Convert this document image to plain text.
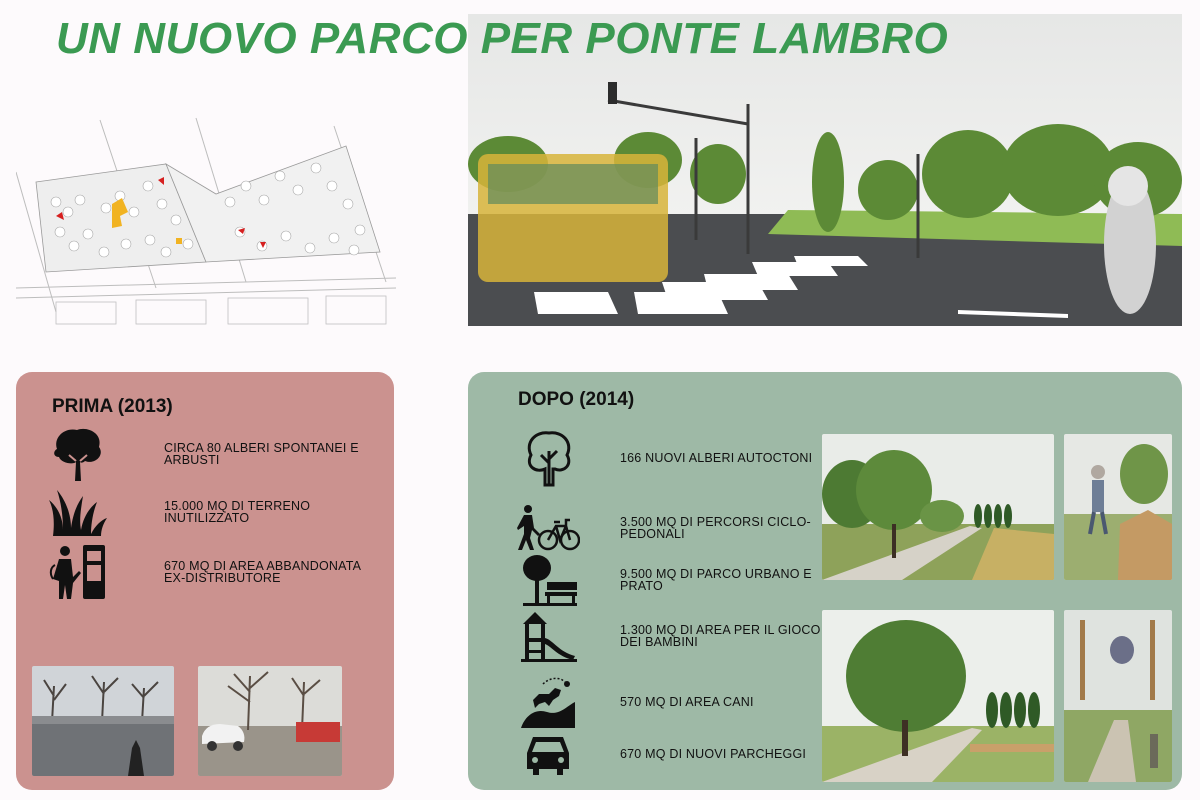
UN NUOVO PARCO PER PONTE LAMBRO
PRIMA (2013)
CIRCA 80 ALBERI SPONTANEI E ARBUSTI
15.000 MQ DI TERRENO INUTILIZZATO
670 MQ DI AREA ABBANDONATA EX-DISTRIBUTORE
DOPO (2014)
166 NUOVI ALBERI AUTOCTONI
3.500 MQ DI PERCORSI CICLO-PEDONALI
9.500 MQ DI PARCO URBANO E PRATO
1.300 MQ DI AREA PER IL GIOCO DEI BAMBINI
570 MQ DI AREA CANI
670 MQ DI NUOVI PARCHEGGI
